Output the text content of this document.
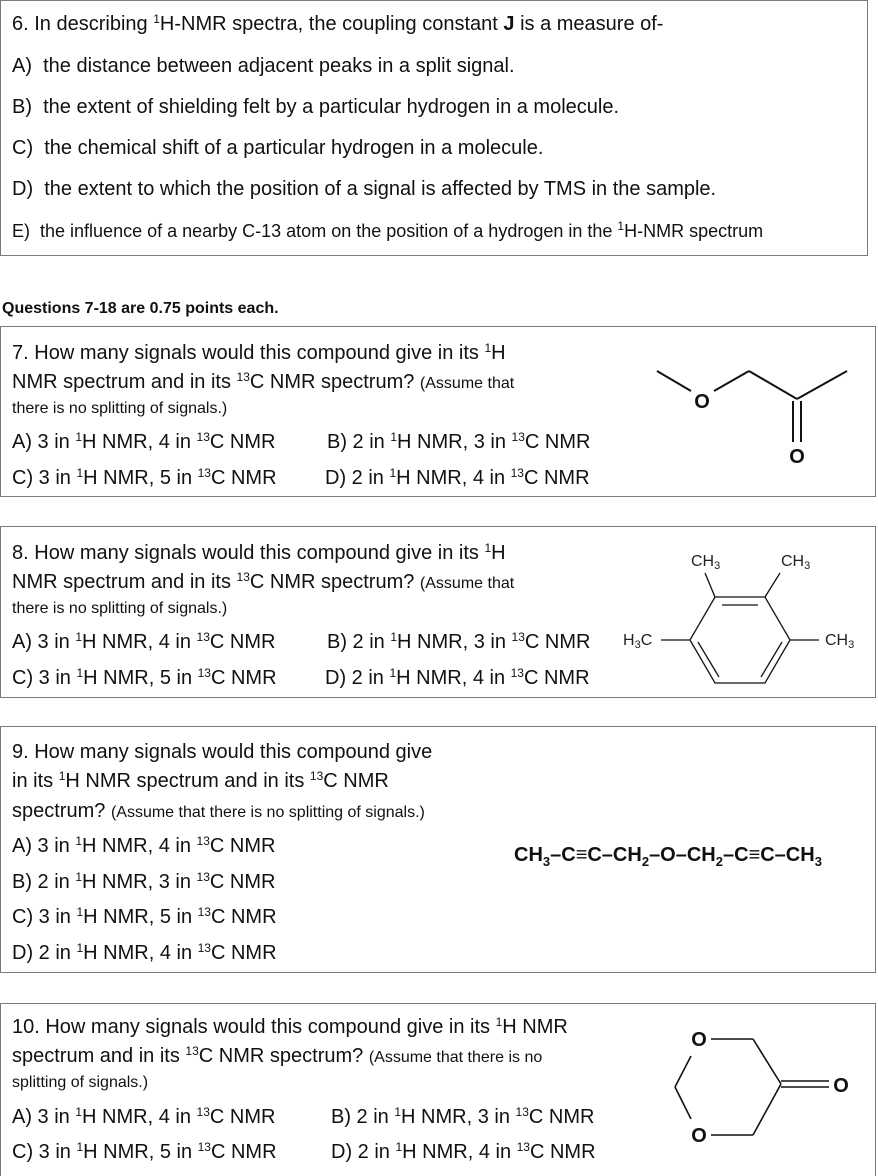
6. In describing $^1$H-NMR spectra, the coupling constant J is a measure of-
A) the distance between adjacent peaks in a split signal.
B) the extent of shielding felt by a particular hydrogen in a molecule.
C) the chemical shift of a particular hydrogen in a molecule.
D) the extent to which the position of a signal is affected by TMS in the sample.
E) the influence of a nearby C-13 atom on the position of a hydrogen in the $^1$H-NMR spectrum
Questions 7-18 are 0.75 points each.
7. How many signals would this compound give in its $^1$H
NMR spectrum and in its $^{13}$C NMR spectrum? (Assume that
there is no splitting of signals.)
A) 3 in $^1$H NMR, 4 in $^{13}$C NMR	B) 2 in $^1$H NMR, 3 in $^{13}$C NMR
C) 3 in $^1$H NMR, 5 in $^{13}$C NMR D) 2 in $^1$H NMR, 4 in $^{13}$C NMR
O
O
8. How many signals would this compound give in its $^1$H
NMR spectrum and in its $^{13}$C NMR spectrum? (Assume that
there is no splitting of signals.)
A) 3 in $^1$H NMR, 4 in $^{13}$C NMR	B) 2 in $^1$H NMR, 3 in $^{13}$C NMR
C) 3 in $^1$H NMR, 5 in $^{13}$C NMR D) 2 in $^1$H NMR, 4 in $^{13}$C NMR
CH3	CH3
H3C	CH3
9. How many signals would this compound give
in its $^1$H NMR spectrum and in its $^{13}$C NMR
spectrum? (Assume that there is no splitting of signals.)
A) 3 in $^1$H NMR, 4 in $^{13}$C NMR
B) 2 in $^1$H NMR, 3 in $^{13}$C NMR
C) 3 in $^1$H NMR, 5 in $^{13}$C NMR
D) 2 in $^1$H NMR, 4 in $^{13}$C NMR
$CH_3-C\equiv C-CH_2-O-CH_2-C\equiv C-CH_3$
10. How many signals would this compound give in its $^1$H NMR
spectrum and in its $^{13}$C NMR spectrum? (Assume that there is no
splitting of signals.)
A) 3 in $^1$H NMR, 4 in $^{13}$C NMR	B) 2 in $^1$H NMR, 3 in $^{13}$C NMR
C) 3 in $^1$H NMR, 5 in $^{13}$C NMR	D) 2 in $^1$H NMR, 4 in $^{13}$C NMR
O
O
O
